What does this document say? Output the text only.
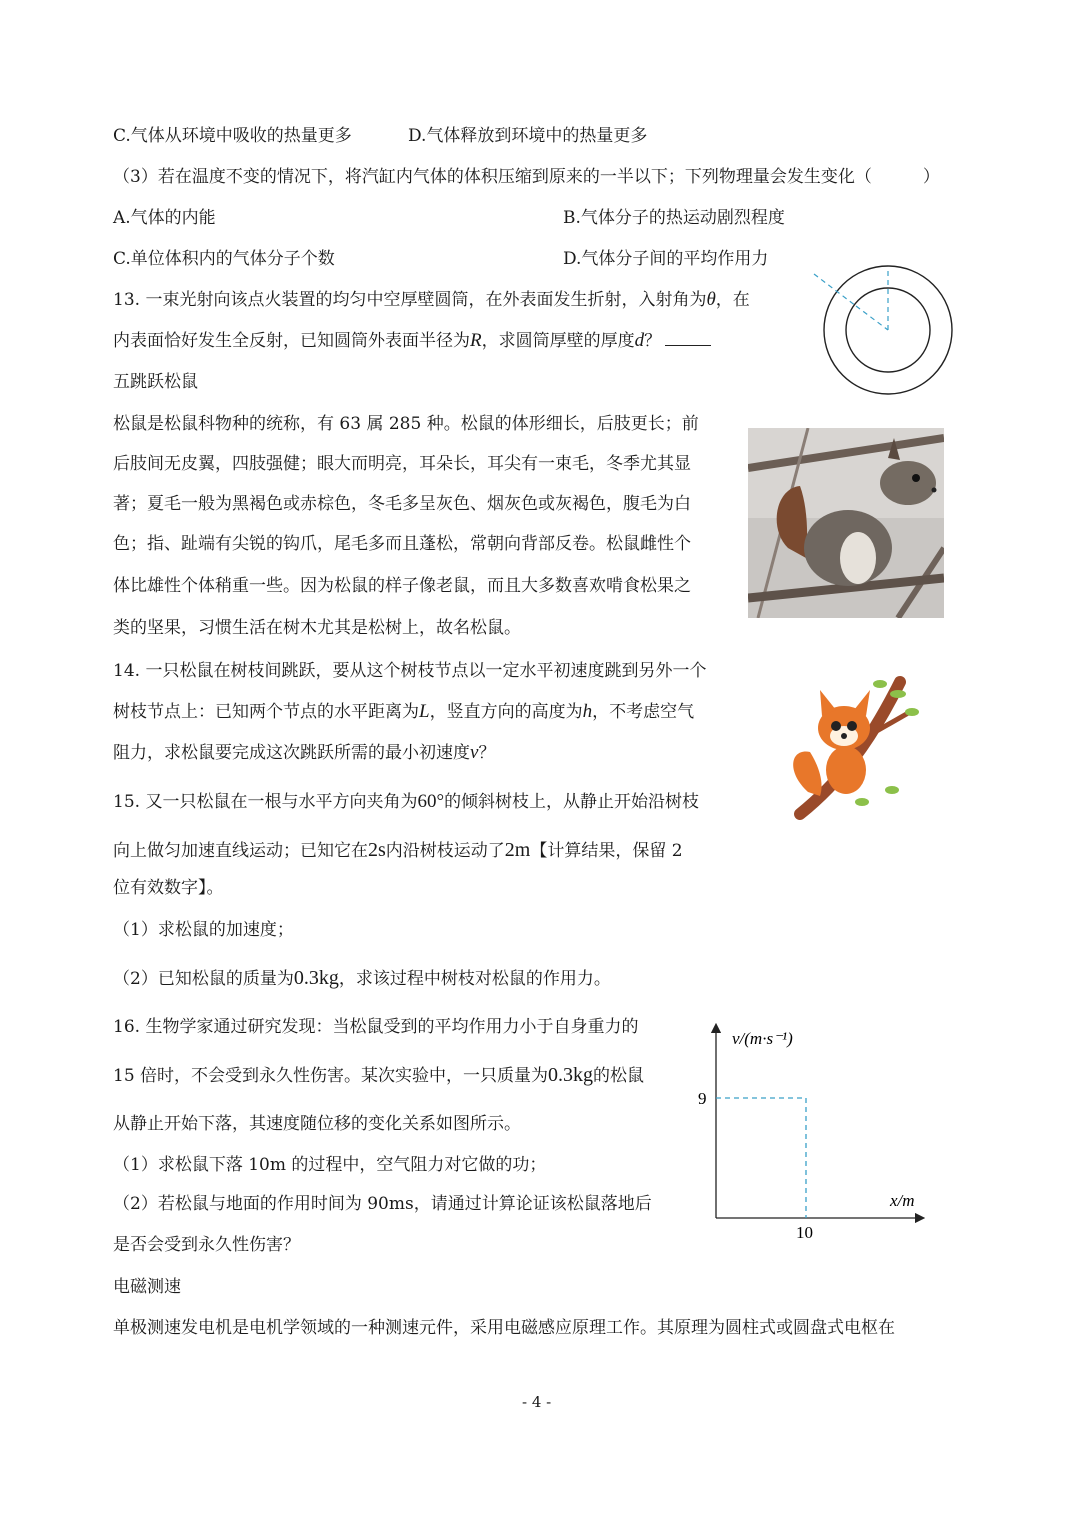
C.气体从环境中吸收的热量更多	D.气体释放到环境中的热量更多
（3）若在温度不变的情况下，将汽缸内气体的体积压缩到原来的一半以下；下列物理量会发生变化（　　　）
A.气体的内能	B.气体分子的热运动剧烈程度
C.单位体积内的气体分子个数	D.气体分子间的平均作用力
13. 一束光射向该点火装置的均匀中空厚壁圆筒，在外表面发生折射，入射角为θ，在
内表面恰好发生全反射，已知圆筒外表面半径为R，求圆筒厚壁的厚度d？
五跳跃松鼠
松鼠是松鼠科物种的统称，有 63 属 285 种。松鼠的体形细长，后肢更长；前
后肢间无皮翼，四肢强健；眼大而明亮，耳朵长，耳尖有一束毛，冬季尤其显
著；夏毛一般为黑褐色或赤棕色，冬毛多呈灰色、烟灰色或灰褐色，腹毛为白
色；指、趾端有尖锐的钩爪，尾毛多而且蓬松，常朝向背部反卷。松鼠雌性个
体比雄性个体稍重一些。因为松鼠的样子像老鼠，而且大多数喜欢啃食松果之
类的坚果，习惯生活在树木尤其是松树上，故名松鼠。
14. 一只松鼠在树枝间跳跃，要从这个树枝节点以一定水平初速度跳到另外一个
树枝节点上：已知两个节点的水平距离为L，竖直方向的高度为h，不考虑空气
阻力，求松鼠要完成这次跳跃所需的最小初速度v？
15. 又一只松鼠在一根与水平方向夹角为60°的倾斜树枝上，从静止开始沿树枝
向上做匀加速直线运动；已知它在2s内沿树枝运动了2m【计算结果，保留 2
位有效数字】。
（1）求松鼠的加速度；
（2）已知松鼠的质量为0.3kg，求该过程中树枝对松鼠的作用力。
16. 生物学家通过研究发现：当松鼠受到的平均作用力小于自身重力的
15 倍时，不会受到永久性伤害。某次实验中，一只质量为0.3kg的松鼠
从静止开始下落，其速度随位移的变化关系如图所示。
（1）求松鼠下落 10m 的过程中，空气阻力对它做的功；
（2）若松鼠与地面的作用时间为 90ms，请通过计算论证该松鼠落地后
是否会受到永久性伤害？
v/(m·s⁻¹)
x/m
9
10
电磁测速
单极测速发电机是电机学领域的一种测速元件，采用电磁感应原理工作。其原理为圆柱式或圆盘式电枢在
- 4 -
